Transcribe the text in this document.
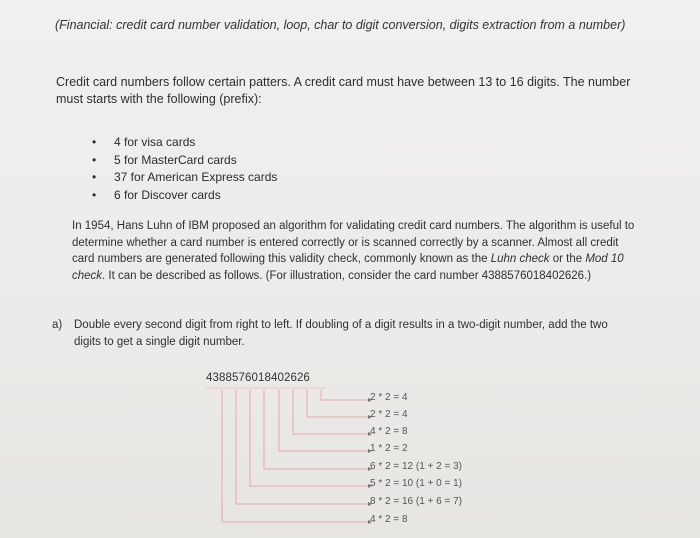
(Financial: credit card number validation, loop, char to digit conversion, digits extraction from a number)
Credit card numbers follow certain patters. A credit card must have between 13 to 16 digits. The number must starts with the following (prefix):
• 4 for visa cards
• 5 for MasterCard cards
• 37 for American Express cards
• 6 for Discover cards
In 1954, Hans Luhn of IBM proposed an algorithm for validating credit card numbers. The algorithm is useful to determine whether a card number is entered correctly or is scanned correctly by a scanner. Almost all credit card numbers are generated following this validity check, commonly known as the Luhn check or the Mod 10 check. It can be described as follows. (For illustration, consider the card number 4388576018402626.)
a) Double every second digit from right to left. If doubling of a digit results in a two-digit number, add the two digits to get a single digit number.
4388576018402626
2 * 2 = 4
2 * 2 = 4
4 * 2 = 8
1 * 2 = 2
6 * 2 = 12 (1 + 2 = 3)
5 * 2 = 10 (1 + 0 = 1)
8 * 2 = 16 (1 + 6 = 7)
4 * 2 = 8
